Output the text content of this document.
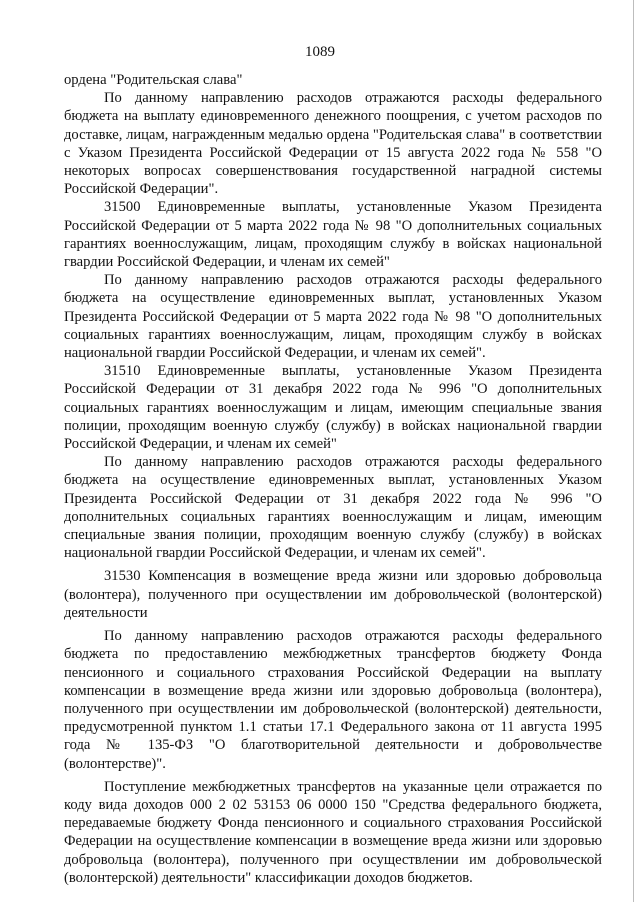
1089

ордена "Родительская слава"

По данному направлению расходов отражаются расходы федерального бюджета на выплату единовременного денежного поощрения, с учетом расходов по доставке, лицам, награжденным медалью ордена "Родительская слава" в соответствии с Указом Президента Российской Федерации от 15 августа 2022 года № 558 "О некоторых вопросах совершенствования государственной наградной системы Российской Федерации".

31500 Единовременные выплаты, установленные Указом Президента Российской Федерации от 5 марта 2022 года № 98 "О дополнительных социальных гарантиях военнослужащим, лицам, проходящим службу в войсках национальной гвардии Российской Федерации, и членам их семей"

По данному направлению расходов отражаются расходы федерального бюджета на осуществление единовременных выплат, установленных Указом Президента Российской Федерации от 5 марта 2022 года № 98 "О дополнительных социальных гарантиях военнослужащим, лицам, проходящим службу в войсках национальной гвардии Российской Федерации, и членам их семей".

31510 Единовременные выплаты, установленные Указом Президента Российской Федерации от 31 декабря 2022 года № 996 "О дополнительных социальных гарантиях военнослужащим и лицам, имеющим специальные звания полиции, проходящим военную службу (службу) в войсках национальной гвардии Российской Федерации, и членам их семей"

По данному направлению расходов отражаются расходы федерального бюджета на осуществление единовременных выплат, установленных Указом Президента Российской Федерации от 31 декабря 2022 года № 996 "О дополнительных социальных гарантиях военнослужащим и лицам, имеющим специальные звания полиции, проходящим военную службу (службу) в войсках национальной гвардии Российской Федерации, и членам их семей".

31530 Компенсация в возмещение вреда жизни или здоровью добровольца (волонтера), полученного при осуществлении им добровольческой (волонтерской) деятельности

По данному направлению расходов отражаются расходы федерального бюджета по предоставлению межбюджетных трансфертов бюджету Фонда пенсионного и социального страхования Российской Федерации на выплату компенсации в возмещение вреда жизни или здоровью добровольца (волонтера), полученного при осуществлении им добровольческой (волонтерской) деятельности, предусмотренной пунктом 1.1 статьи 17.1 Федерального закона от 11 августа 1995 года № 135-ФЗ "О благотворительной деятельности и добровольчестве (волонтерстве)".

Поступление межбюджетных трансфертов на указанные цели отражается по коду вида доходов 000 2 02 53153 06 0000 150 "Средства федерального бюджета, передаваемые бюджету Фонда пенсионного и социального страхования Российской Федерации на осуществление компенсации в возмещение вреда жизни или здоровью добровольца (волонтера), полученного при осуществлении им добровольческой (волонтерской) деятельности" классификации доходов бюджетов.
